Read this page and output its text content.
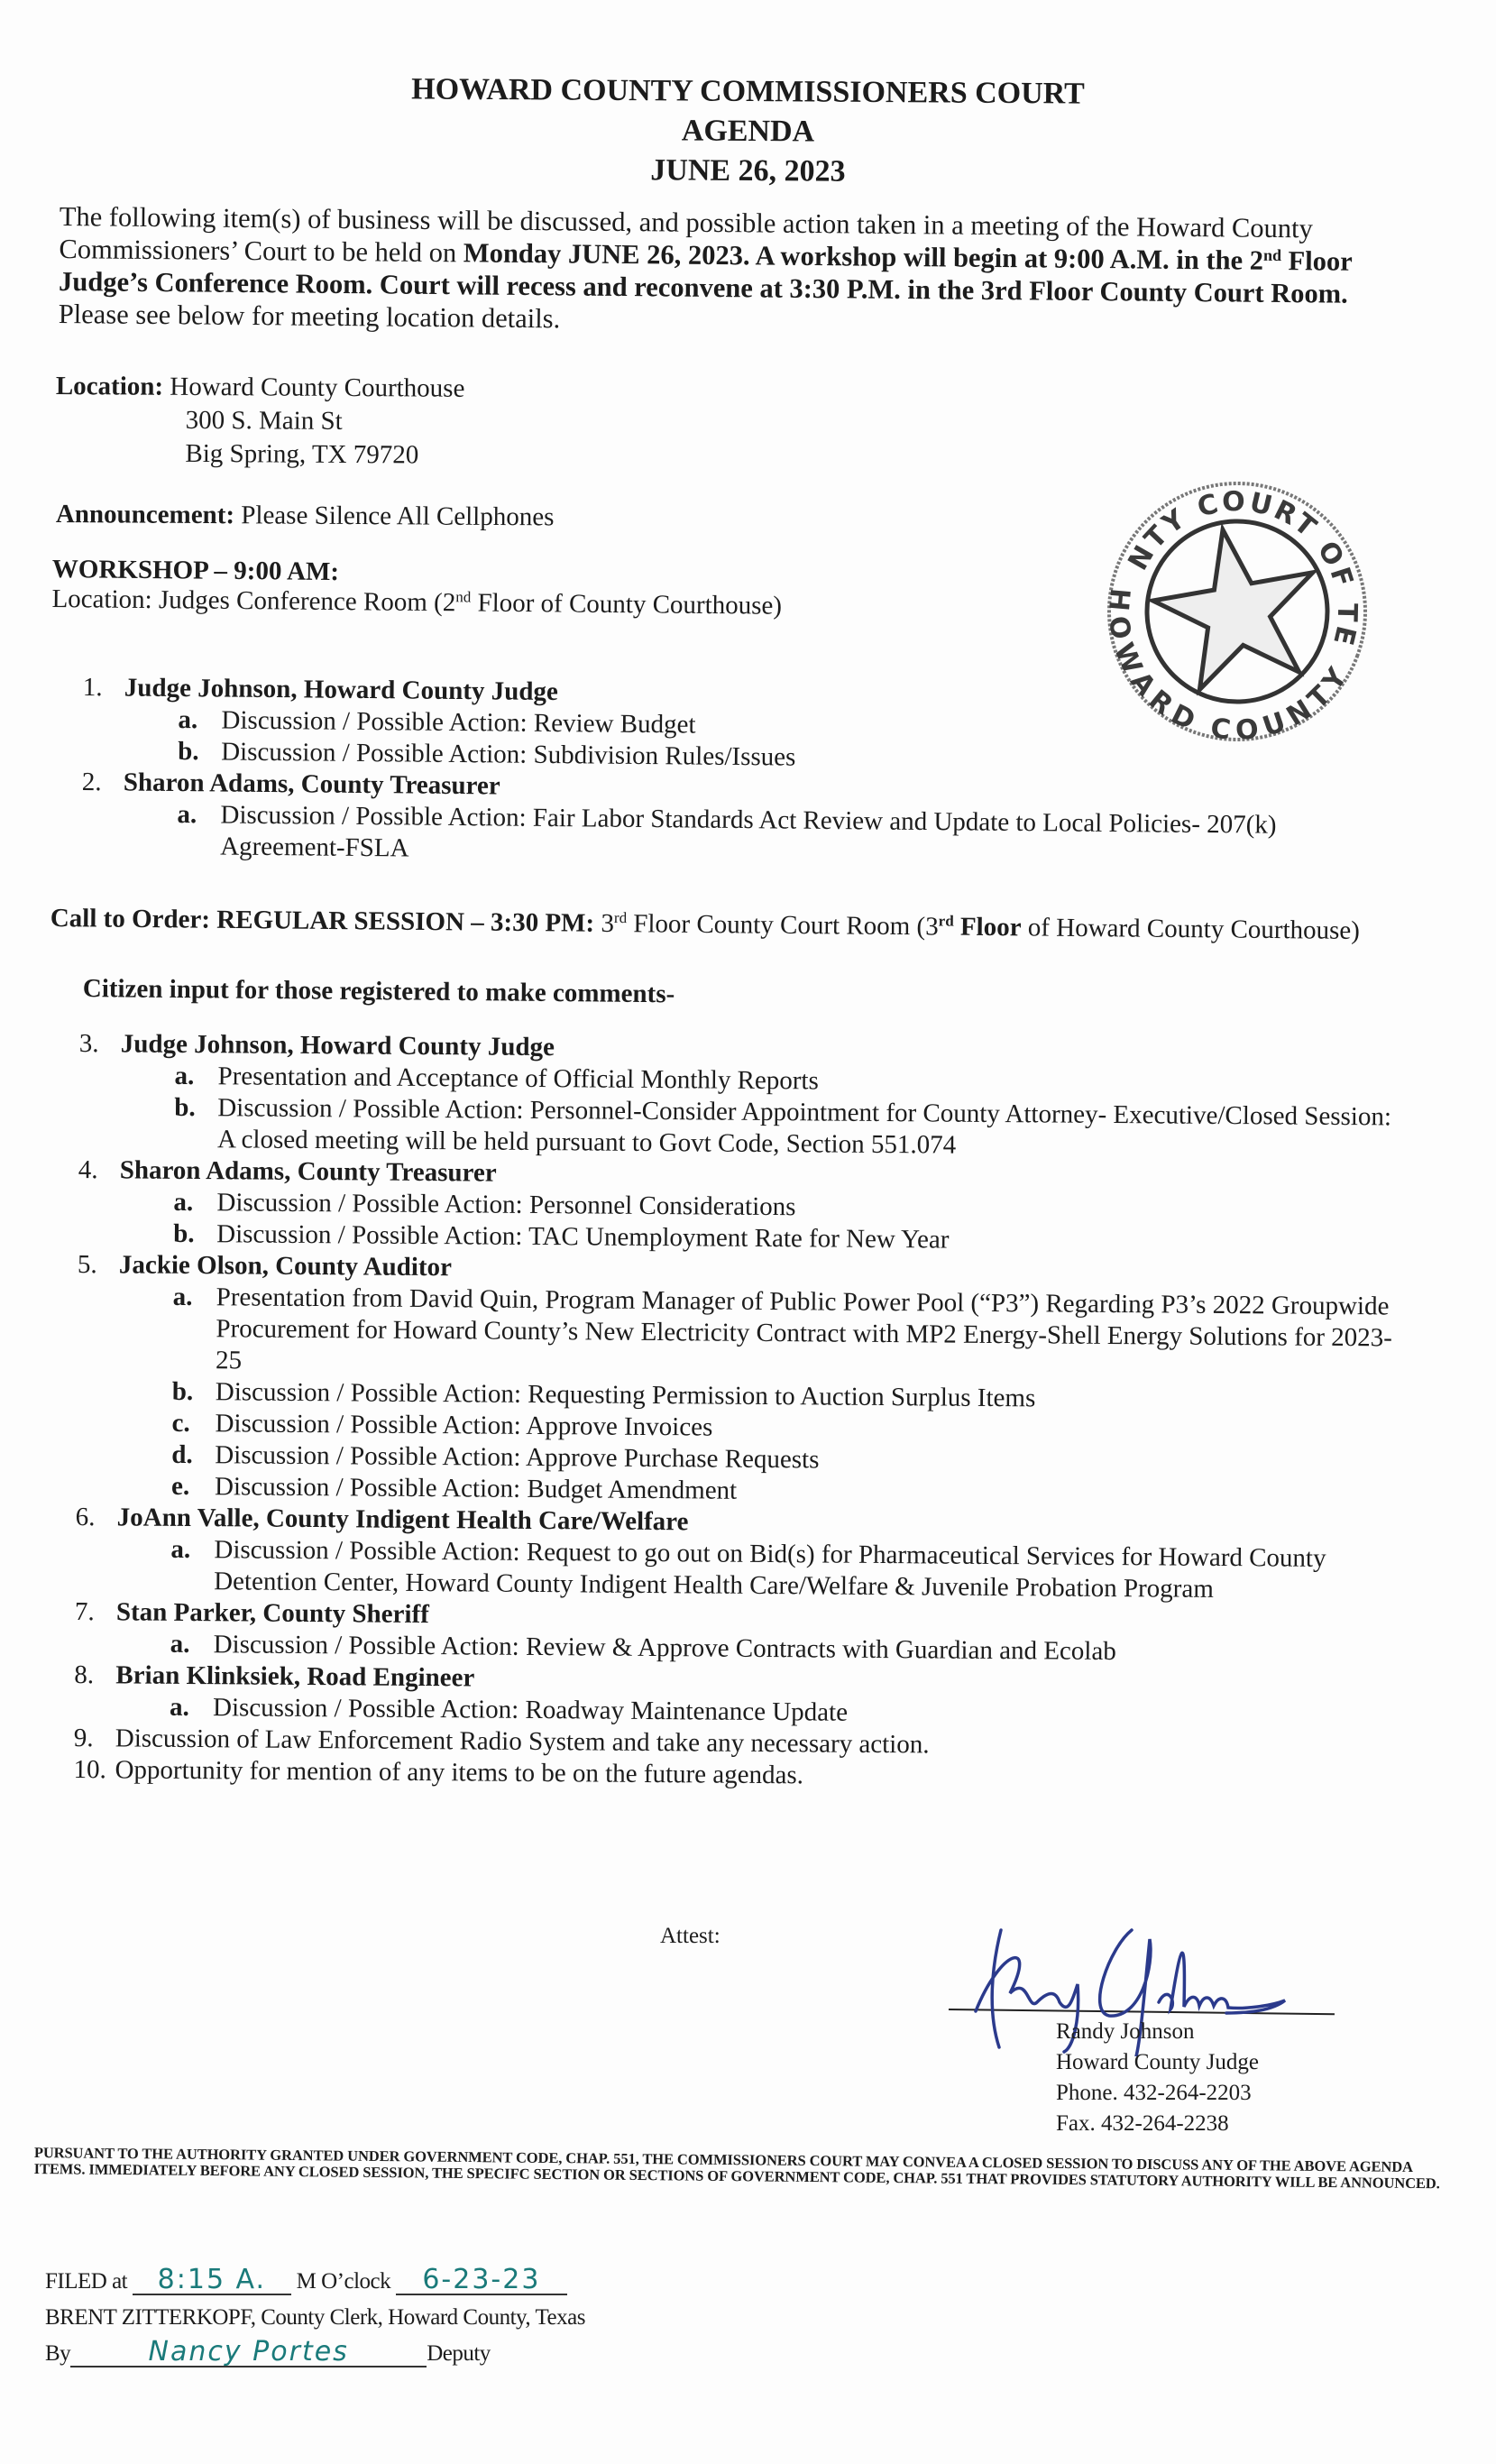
HOWARD COUNTY COMMISSIONERS COURT
AGENDA
JUNE 26, 2023
The following item(s) of business will be discussed, and possible action taken in a meeting of the Howard County Commissioners’ Court to be held on Monday JUNE 26, 2023. A workshop will begin at 9:00 A.M. in the 2nd Floor Judge’s Conference Room. Court will recess and reconvene at 3:30 P.M. in the 3rd Floor County Court Room. Please see below for meeting location details.
Location: Howard County Courthouse
300 S. Main St
Big Spring, TX 79720
Announcement: Please Silence All Cellphones
WORKSHOP – 9:00 AM:
Location: Judges Conference Room (2nd Floor of County Courthouse)
COUNTY COURT OF TEXAS
HOWARD COUNTY
1. Judge Johnson, Howard County Judge
a. Discussion / Possible Action: Review Budget
b. Discussion / Possible Action: Subdivision Rules/Issues
2. Sharon Adams, County Treasurer
a. Discussion / Possible Action: Fair Labor Standards Act Review and Update to Local Policies- 207(k) Agreement-FSLA
Call to Order: REGULAR SESSION – 3:30 PM: 3rd Floor County Court Room (3rd Floor of Howard County Courthouse)
Citizen input for those registered to make comments-
3. Judge Johnson, Howard County Judge
a. Presentation and Acceptance of Official Monthly Reports
b. Discussion / Possible Action: Personnel-Consider Appointment for County Attorney- Executive/Closed Session: A closed meeting will be held pursuant to Govt Code, Section 551.074
4. Sharon Adams, County Treasurer
a. Discussion / Possible Action: Personnel Considerations
b. Discussion / Possible Action: TAC Unemployment Rate for New Year
5. Jackie Olson, County Auditor
a. Presentation from David Quin, Program Manager of Public Power Pool (“P3”) Regarding P3’s 2022 Groupwide Procurement for Howard County’s New Electricity Contract with MP2 Energy-Shell Energy Solutions for 2023-25
b. Discussion / Possible Action: Requesting Permission to Auction Surplus Items
c. Discussion / Possible Action: Approve Invoices
d. Discussion / Possible Action: Approve Purchase Requests
e. Discussion / Possible Action: Budget Amendment
6. JoAnn Valle, County Indigent Health Care/Welfare
a. Discussion / Possible Action: Request to go out on Bid(s) for Pharmaceutical Services for Howard County Detention Center, Howard County Indigent Health Care/Welfare & Juvenile Probation Program
7. Stan Parker, County Sheriff
a. Discussion / Possible Action: Review & Approve Contracts with Guardian and Ecolab
8. Brian Klinksiek, Road Engineer
a. Discussion / Possible Action: Roadway Maintenance Update
9. Discussion of Law Enforcement Radio System and take any necessary action.
10. Opportunity for mention of any items to be on the future agendas.
Attest:
Randy Johnson
Howard County Judge
Phone. 432-264-2203
Fax. 432-264-2238
PURSUANT TO THE AUTHORITY GRANTED UNDER GOVERNMENT CODE, CHAP. 551, THE COMMISSIONERS COURT MAY CONVEA A CLOSED SESSION TO DISCUSS ANY OF THE ABOVE AGENDA ITEMS. IMMEDIATELY BEFORE ANY CLOSED SESSION, THE SPECIFC SECTION OR SECTIONS OF GOVERNMENT CODE, CHAP. 551 THAT PROVIDES STATUTORY AUTHORITY WILL BE ANNOUNCED.
FILED at 8:15 A. M O’clock 6-23-23
BRENT ZITTERKOPF, County Clerk, Howard County, Texas
By	Nancy Portes	Deputy
